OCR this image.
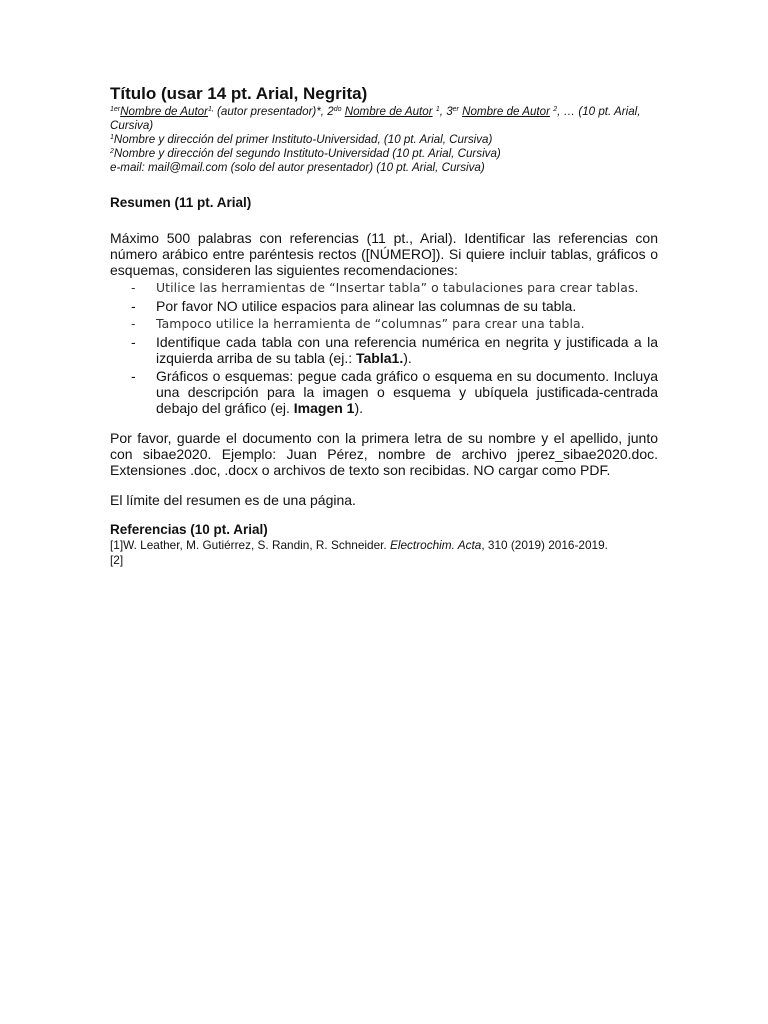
Título (usar 14 pt. Arial, Negrita)
$^{1er}$Nombre de Autor$^{1,}$ (autor presentador)*, $2^{do}$ Nombre de Autor $^1$, 3er Nombre de Autor $^2$, … (10 pt. Arial, Cursiva)
$^1$Nombre y dirección del primer Instituto-Universidad, (10 pt. Arial, Cursiva)
$^2$Nombre y dirección del segundo Instituto-Universidad (10 pt. Arial, Cursiva)
e-mail: mail@mail.com (solo del autor presentador) (10 pt. Arial, Cursiva)
Resumen (11 pt. Arial)
Máximo 500 palabras con referencias (11 pt., Arial). Identificar las referencias con número arábico entre paréntesis rectos ([NÚMERO]). Si quiere incluir tablas, gráficos o esquemas, consideren las siguientes recomendaciones:
- Utilice las herramientas de “Insertar tabla” o tabulaciones para crear tablas.
- Por favor NO utilice espacios para alinear las columnas de su tabla.
- Tampoco utilice la herramienta de “columnas” para crear una tabla.
- Identifique cada tabla con una referencia numérica en negrita y justificada a la izquierda arriba de su tabla (ej.: Tabla1.).
- Gráficos o esquemas: pegue cada gráfico o esquema en su documento. Incluya una descripción para la imagen o esquema y ubíquela justificada-centrada debajo del gráfico (ej. Imagen 1).
Por favor, guarde el documento con la primera letra de su nombre y el apellido, junto con sibae2020. Ejemplo: Juan Pérez, nombre de archivo jperez_sibae2020.doc. Extensiones .doc, .docx o archivos de texto son recibidas. NO cargar como PDF.
El límite del resumen es de una página.
Referencias (10 pt. Arial)
[1]W. Leather, M. Gutiérrez, S. Randin, R. Schneider. Electrochim. Acta, 310 (2019) 2016-2019.
[2]
